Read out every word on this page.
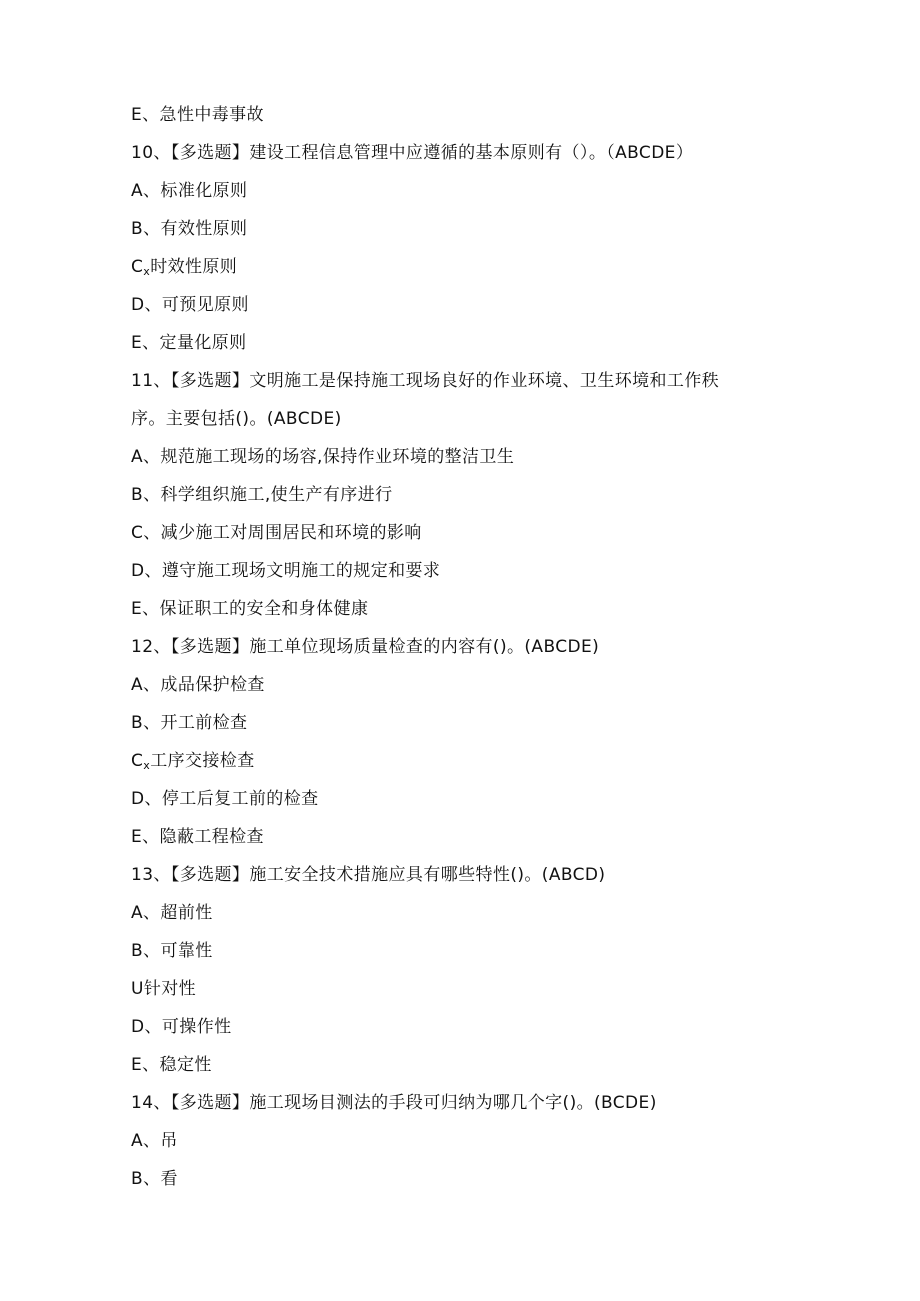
E、急性中毒事故
10、【多选题】建设工程信息管理中应遵循的基本原则有（）。（ABCDE）
A、标准化原则
B、有效性原则
$C_x$时效性原则
D、可预见原则
E、定量化原则
11、【多选题】文明施工是保持施工现场良好的作业环境、卫生环境和工作秩
序。主要包括()。(ABCDE)
A、规范施工现场的场容,保持作业环境的整洁卫生
B、科学组织施工,使生产有序进行
C、减少施工对周围居民和环境的影响
D、遵守施工现场文明施工的规定和要求
E、保证职工的安全和身体健康
12、【多选题】施工单位现场质量检查的内容有()。(ABCDE)
A、成品保护检查
B、开工前检查
$C_x$工序交接检查
D、停工后复工前的检查
E、隐蔽工程检查
13、【多选题】施工安全技术措施应具有哪些特性()。(ABCD)
A、超前性
B、可靠性
U针对性
D、可操作性
E、稳定性
14、【多选题】施工现场目测法的手段可归纳为哪几个字()。(BCDE)
A、吊
B、看
